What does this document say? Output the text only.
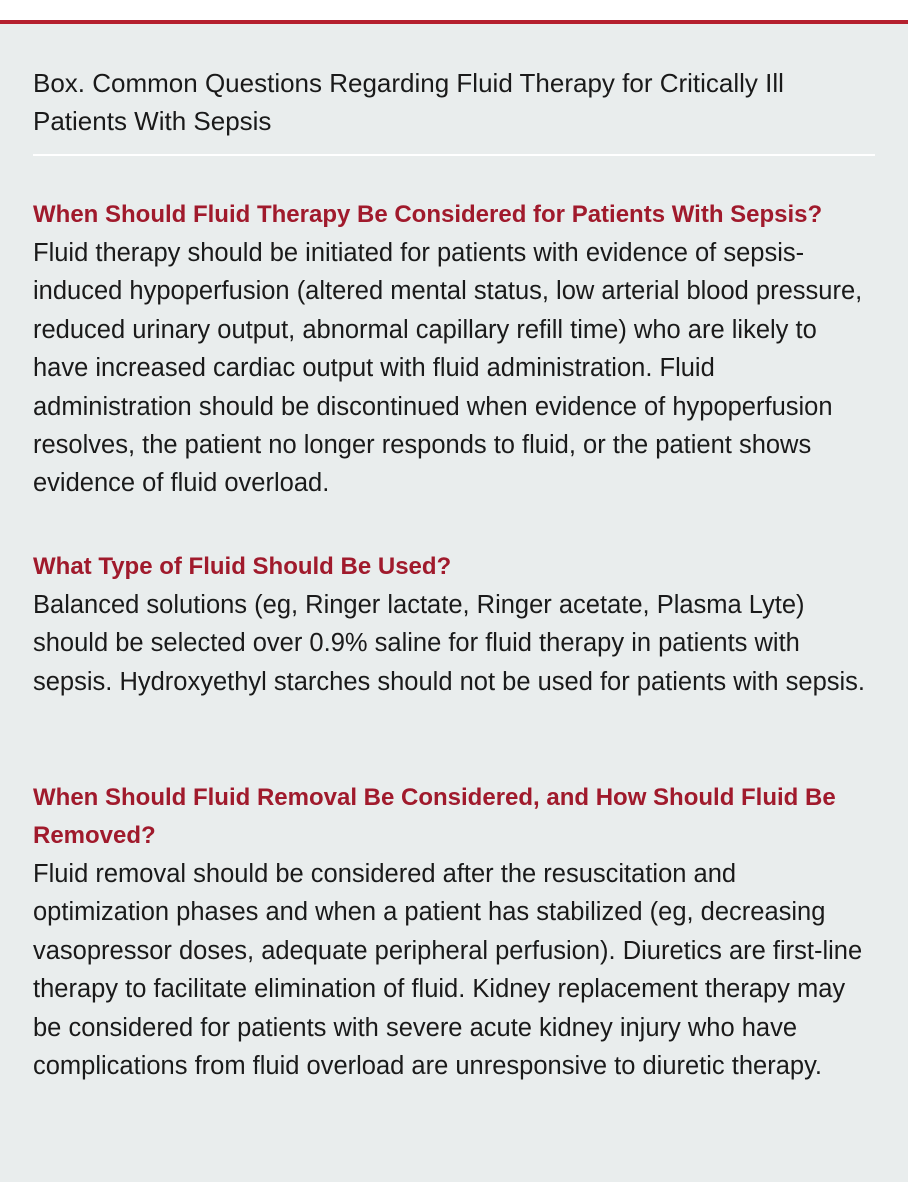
Box. Common Questions Regarding Fluid Therapy for Critically Ill Patients With Sepsis
When Should Fluid Therapy Be Considered for Patients With Sepsis?

Fluid therapy should be initiated for patients with evidence of sepsis-induced hypoperfusion (altered mental status, low arterial blood pressure, reduced urinary output, abnormal capillary refill time) who are likely to have increased cardiac output with fluid administration. Fluid administration should be discontinued when evidence of hypoperfusion resolves, the patient no longer responds to fluid, or the patient shows evidence of fluid overload.

What Type of Fluid Should Be Used?

Balanced solutions (eg, Ringer lactate, Ringer acetate, Plasma Lyte) should be selected over 0.9% saline for fluid therapy in patients with sepsis. Hydroxyethyl starches should not be used for patients with sepsis.

When Should Fluid Removal Be Considered, and How Should Fluid Be Removed?

Fluid removal should be considered after the resuscitation and optimization phases and when a patient has stabilized (eg, decreasing vasopressor doses, adequate peripheral perfusion). Diuretics are first-line therapy to facilitate elimination of fluid. Kidney replacement therapy may be considered for patients with severe acute kidney injury who have complications from fluid overload are unresponsive to diuretic therapy.
